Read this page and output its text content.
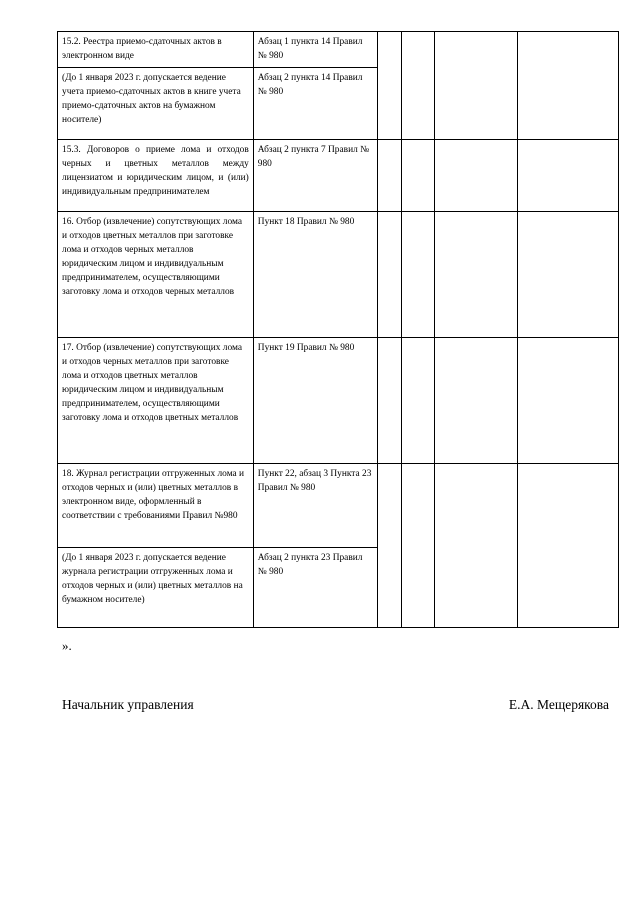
15.2. Реестра приемо-сдаточных актов в электронном виде	Абзац 1 пункта 14 Правил № 980				
(До 1 января 2023 г. допускается ведение учета приемо-сдаточных актов в книге учета приемо-сдаточных актов на бумажном носителе)	Абзац 2 пункта 14 Правил № 980				
15.3. Договоров о приеме лома и отходов черных и цветных металлов между лицензиатом и юридическим лицом, и (или) индивидуальным предпринимателем	Абзац 2 пункта 7 Правил № 980				
16. Отбор (извлечение) сопутствующих лома и отходов цветных металлов при заготовке лома и отходов черных металлов юридическим лицом и индивидуальным предпринимателем, осуществляющими заготовку лома и отходов черных металлов	Пункт 18 Правил № 980				
17. Отбор (извлечение) сопутствующих лома и отходов черных металлов при заготовке лома и отходов цветных металлов юридическим лицом и индивидуальным предпринимателем, осуществляющими заготовку лома и отходов цветных металлов	Пункт 19 Правил № 980				
18. Журнал регистрации отгруженных лома и отходов черных и (или) цветных металлов в электронном виде, оформленный в соответствии с требованиями Правил №980	Пункт 22, абзац 3 Пункта 23 Правил № 980				
(До 1 января 2023 г. допускается ведение журнала регистрации отгруженных лома и отходов черных и (или) цветных металлов на бумажном носителе)	Абзац 2 пункта 23 Правил № 980				
».
Начальник управления	Е.А. Мещерякова
